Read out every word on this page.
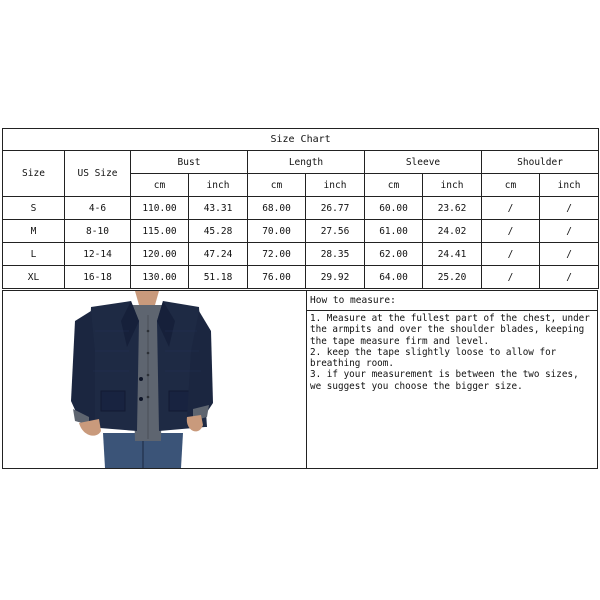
Size Chart									
Size	US Size	Bust		Length		Sleeve		Shoulder	
		cm	inch	cm	inch	cm	inch	cm	inch
S	4-6	110.00	43.31	68.00	26.77	60.00	23.62	/	/
M	8-10	115.00	45.28	70.00	27.56	61.00	24.02	/	/
L	12-14	120.00	47.24	72.00	28.35	62.00	24.41	/	/
XL	16-18	130.00	51.18	76.00	29.92	64.00	25.20	/	/
How to measure:
1. Measure at the fullest part of the chest, under the armpits and over the shoulder blades, keeping the tape measure firm and level.
2. keep the tape slightly loose to allow for breathing room.
3. if your measurement is between the two sizes, we suggest you choose the bigger size.
